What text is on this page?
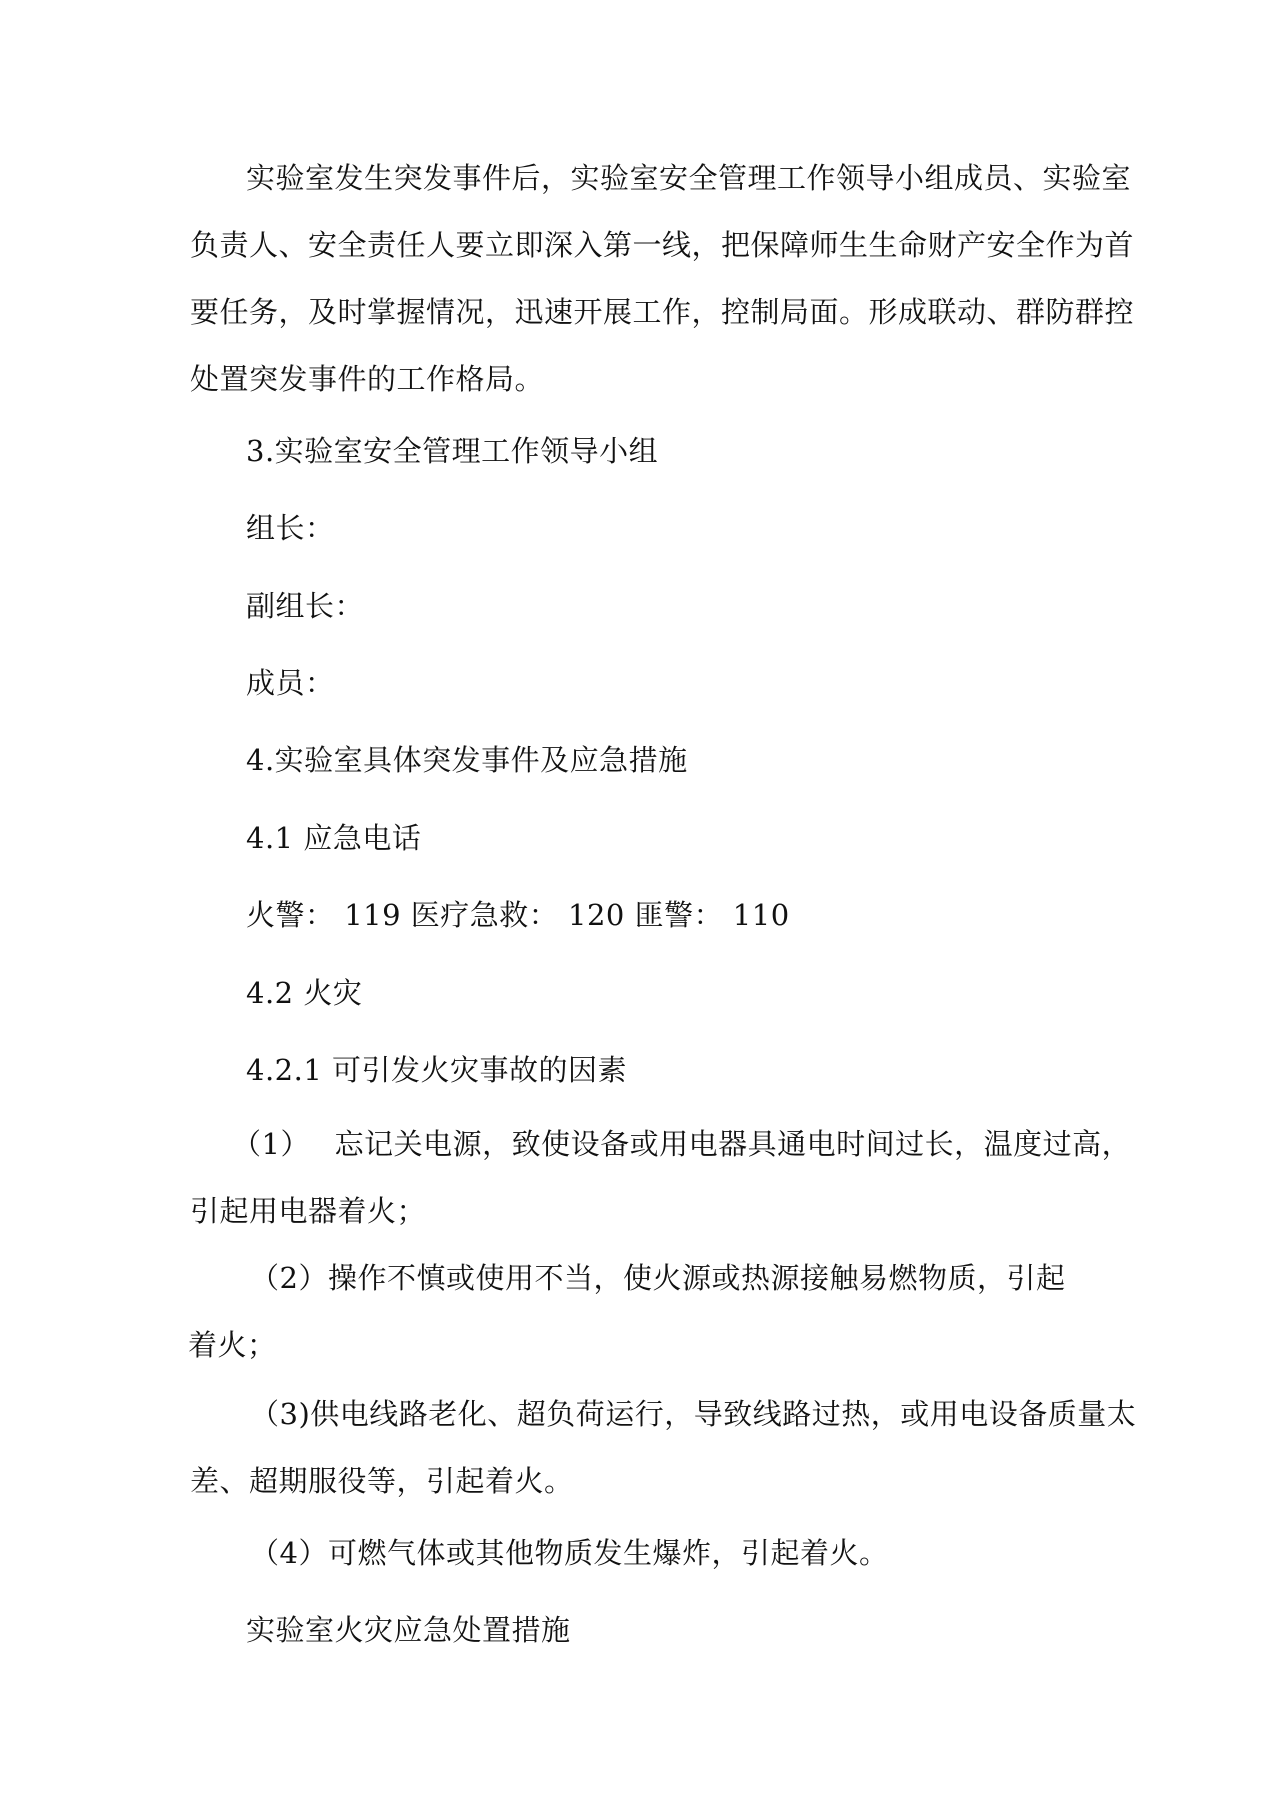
实验室发生突发事件后，实验室安全管理工作领导小组成员、实验室
负责人、安全责任人要立即深入第一线，把保障师生生命财产安全作为首
要任务，及时掌握情况，迅速开展工作，控制局面。形成联动、群防群控
处置突发事件的工作格局。
3.实验室安全管理工作领导小组
组长：
副组长：
成员：
4.实验室具体突发事件及应急措施
4.1 应急电话
火警： 119 医疗急救： 120 匪警： 110
4.2 火灾
4.2.1 可引发火灾事故的因素
（1）　 忘记关电源，致使设备或用电器具通电时间过长，温度过高，
引起用电器着火；
（2）操作不慎或使用不当，使火源或热源接触易燃物质，引起
着火；
（3)供电线路老化、超负荷运行，导致线路过热，或用电设备质量太
差、超期服役等，引起着火。
（4）可燃气体或其他物质发生爆炸，引起着火。
实验室火灾应急处置措施
